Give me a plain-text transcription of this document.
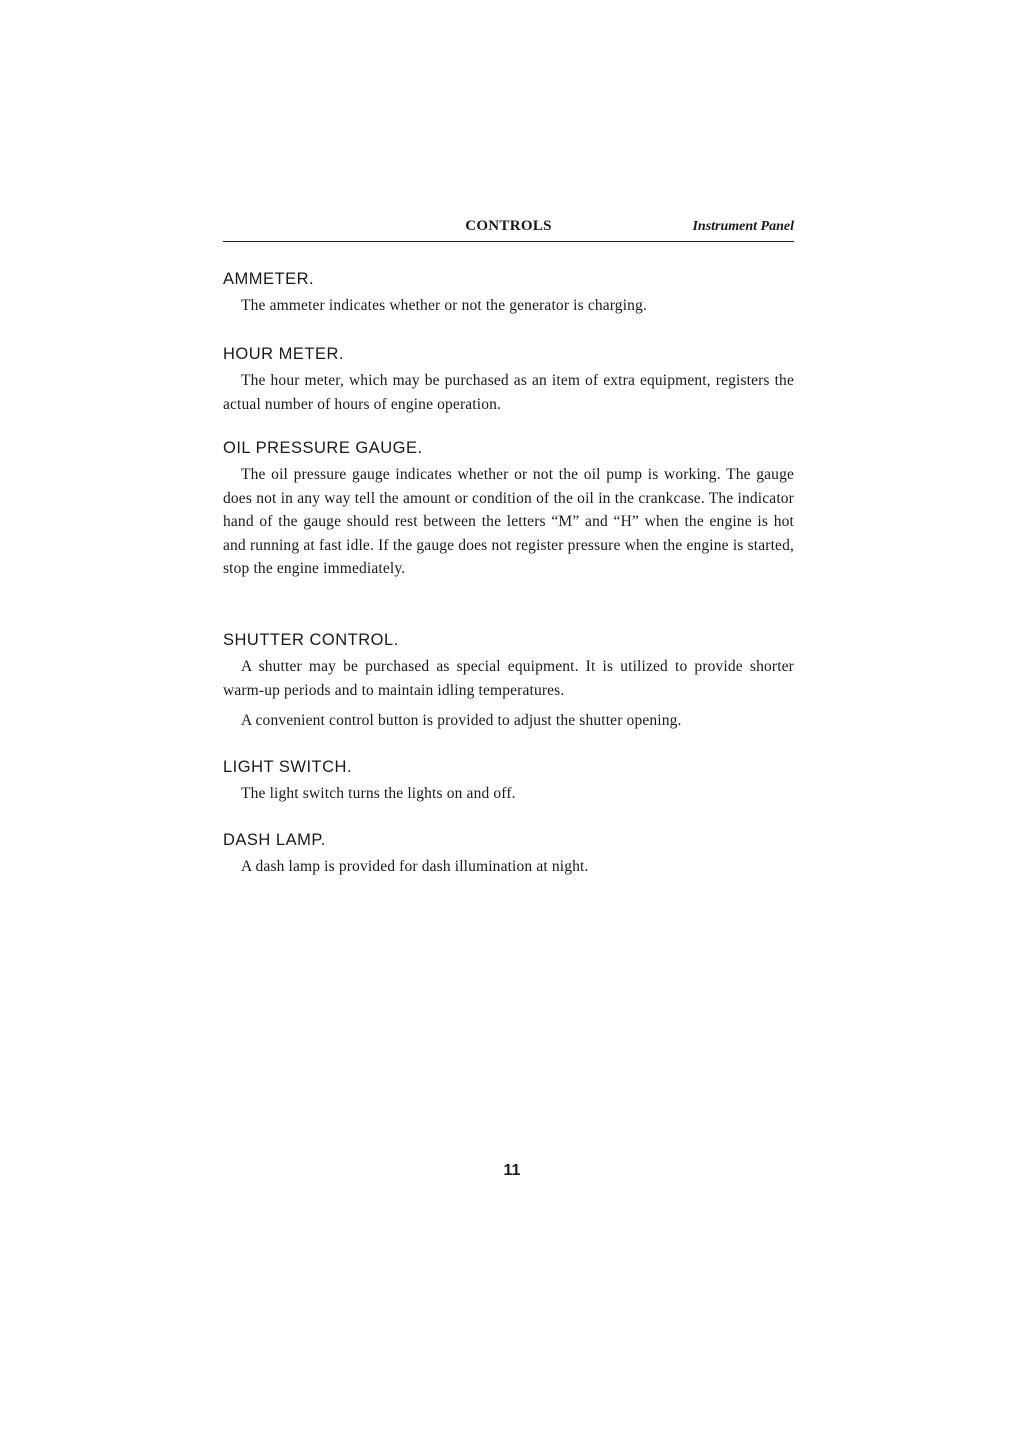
CONTROLS	Instrument Panel
AMMETER.

The ammeter indicates whether or not the generator is charging.

HOUR METER.

The hour meter, which may be purchased as an item of extra equipment, registers the actual number of hours of engine operation.

OIL PRESSURE GAUGE.

The oil pressure gauge indicates whether or not the oil pump is working. The gauge does not in any way tell the amount or condition of the oil in the crankcase. The indicator hand of the gauge should rest between the letters “M” and “H” when the engine is hot and running at fast idle. If the gauge does not register pressure when the engine is started, stop the engine immediately.

SHUTTER CONTROL.

A shutter may be purchased as special equipment. It is utilized to provide shorter warm-up periods and to maintain idling temperatures.

A convenient control button is provided to adjust the shutter opening.

LIGHT SWITCH.

The light switch turns the lights on and off.

DASH LAMP.

A dash lamp is provided for dash illumination at night.

11
